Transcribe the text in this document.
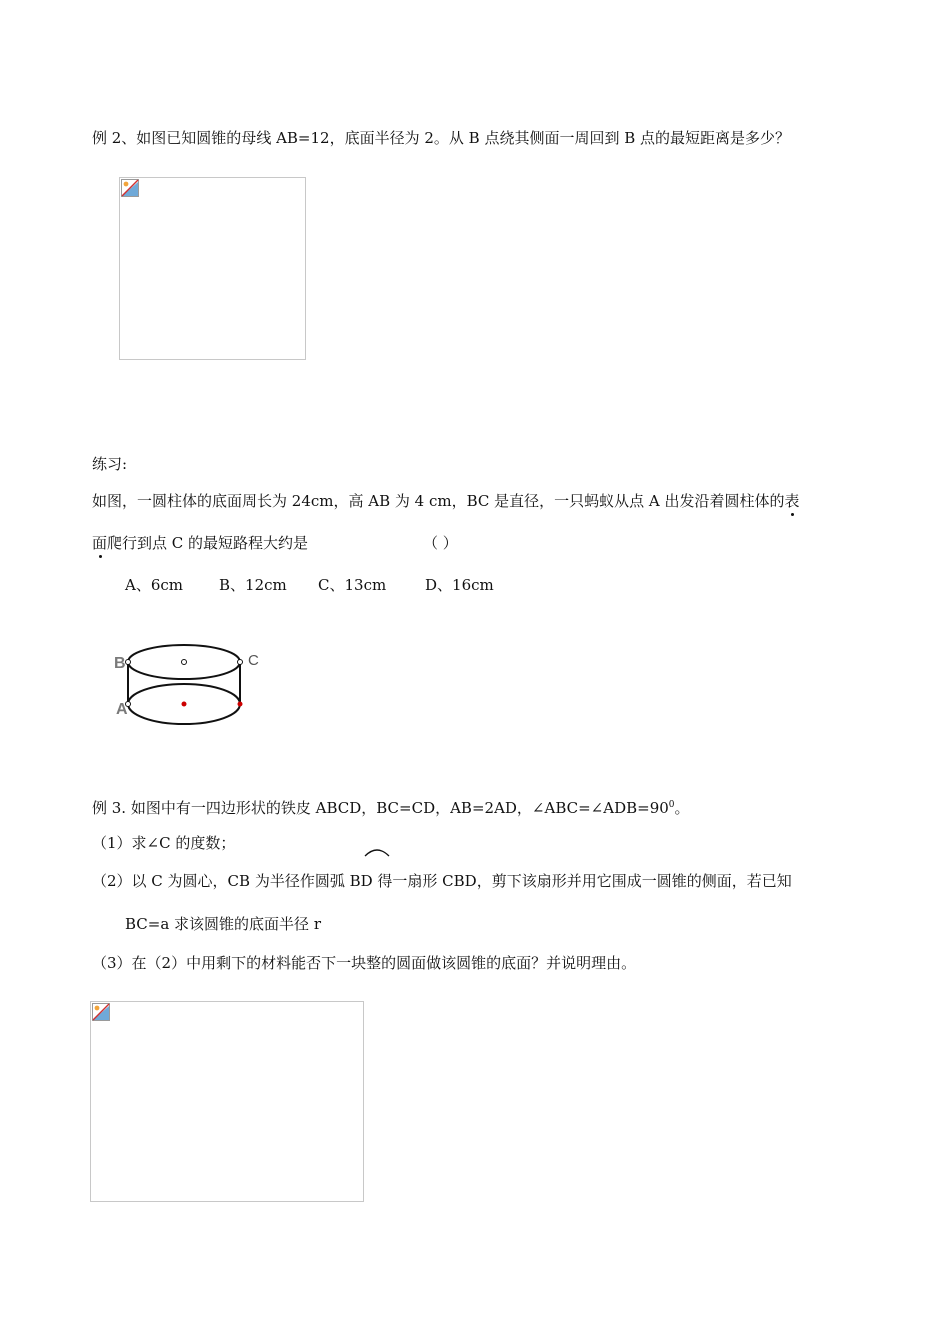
例 2、如图已知圆锥的母线 AB=12，底面半径为 2。从 B 点绕其侧面一周回到 B 点的最短距离是多少？
练习:
如图，一圆柱体的底面周长为 24cm，高 AB 为 4 cm，BC 是直径，一只蚂蚁从点 A 出发沿着圆柱体的表
面爬行到点 C 的最短路程大约是	（ ）
A、6cm B、12cm C、13cm	D、16cm
B	C
A
例 3. 如图中有一四边形状的铁皮 ABCD，BC=CD，AB=2AD，$\angle ABC=\angle ADB=90^0$。
（1）求∠C 的度数；
（2）以 C 为圆心，CB 为半径作圆弧 BD 得一扇形 CBD，剪下该扇形并用它围成一圆锥的侧面，若已知
BC=a 求该圆锥的底面半径 r
（3）在（2）中用剩下的材料能否下一块整的圆面做该圆锥的底面？并说明理由。
